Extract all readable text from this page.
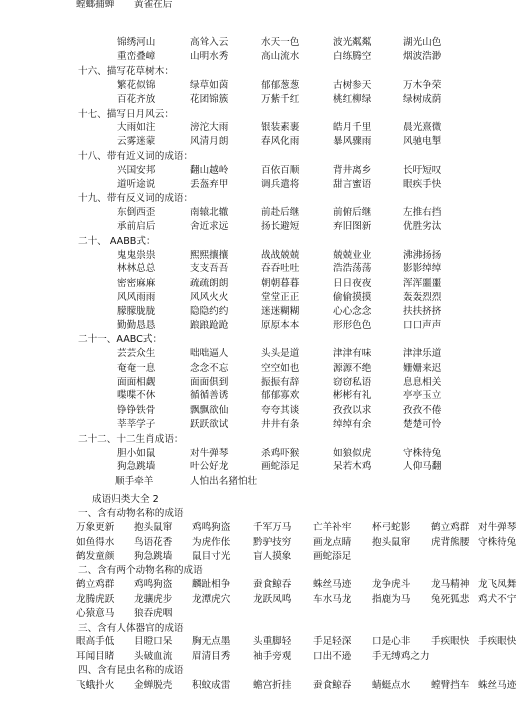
锦绣河山	高耸入云	水天一色	波光粼粼	湖光山色
重峦叠嶂	山明水秀	高山流水	白练腾空	烟波浩渺
十六、描写花草树木：
繁花似锦	绿草如茵	郁郁葱葱	古树参天	万木争荣
百花齐放	花团锦簇	万紫千红	桃红柳绿	绿树成荫
十七、描写日月风云：
大雨如注	滂沱大雨	银装素裹	皓月千里	晨光熹微
云雾迷蒙	风清月朗	春风化雨	暴风骤雨	风驰电掣
十八、带有近义词的成语：
兴国安邦	翻山越岭	百依百顺	背井离乡	长吁短叹
道听途说	丢盔弃甲	调兵遣将	甜言蜜语	眼疾手快
十九、带有反义词的成语：
东倒西歪	南辕北辙	前赴后继	前俯后继	左推右挡
承前启后	舍近求远	扬长避短	弃旧图新	优胜劣汰
二十、 AABB式：
鬼鬼祟祟	熙熙攘攘	战战兢兢	兢兢业业	沸沸扬扬
林林总总	支支吾吾	吞吞吐吐	浩浩荡荡	影影绰绰
密密麻麻	疏疏朗朗	朝朝暮暮	日日夜夜	浑浑噩噩
风风雨雨	风风火火	堂堂正正	偷偷摸摸	轰轰烈烈
朦朦胧胧	隐隐约约	迷迷糊糊	心心念念	扶扶挤挤
勤勤恳恳	踉踉跄跄	原原本本	形形色色	口口声声
二十一、AABC式：
芸芸众生	咄咄逼人	头头是道	津津有味	津津乐道
奄奄一息	念念不忘	空空如也	源源不绝	姗姗来迟
面面相觑	面面俱到	振振有辞	窃窃私语	息息相关
喋喋不休	循循善诱	郁郁寡欢	彬彬有礼	亭亭玉立
铮铮铁骨	飘飘欲仙	夸夸其谈	孜孜以求	孜孜不倦
莘莘学子	跃跃欲试	井井有条	绰绰有余	楚楚可怜
二十二、十二生肖成语：
胆小如鼠	对牛弹琴	杀鸡吓猴	如狼似虎	守株待兔
狗急跳墙	叶公好龙	画蛇添足	呆若木鸡	人仰马翻
顺手牵羊	人怕出名猪怕壮
成语归类大全 2
一、含有动物名称的成语
万象更新 抱头鼠窜 鸡鸣狗盗 千军万马 亡羊补牢 杯弓蛇影 鹤立鸡群 对牛弹琴
如鱼得水 鸟语花香 为虎作伥 黔驴技穷 画龙点睛 抱头鼠窜 虎背熊腰 守株待兔
鹤发童颜 狗急跳墙 鼠目寸光 盲人摸象 画蛇添足
二、含有两个动物名称的成语
鹤立鸡群 鸡鸣狗盗 麟趾相争 蚕食鲸吞 蛛丝马迹 龙争虎斗 龙马精神 龙飞凤舞
龙腾虎跃 龙骧虎步 龙潭虎穴 龙跃凤鸣 车水马龙 指鹿为马 兔死狐悲 鸡犬不宁
心猿意马 狼吞虎咽
三、含有人体器官的成语
眼高手低 目瞪口呆 胸无点墨 头重脚轻 手足轻深 口是心非 手疾眼快 手疾眼快
耳闻目睹 头破血流 眉清目秀 袖手旁观 口出不逊 手无缚鸡之力
四、含有昆虫名称的成语
飞蛾扑火 金蝉脱壳 积蚊成雷 蟾宫折挂 蚕食鲸吞 蜻蜓点水 螳臂挡车 蛛丝马迹
螳螂捕蝉 黄雀在后
